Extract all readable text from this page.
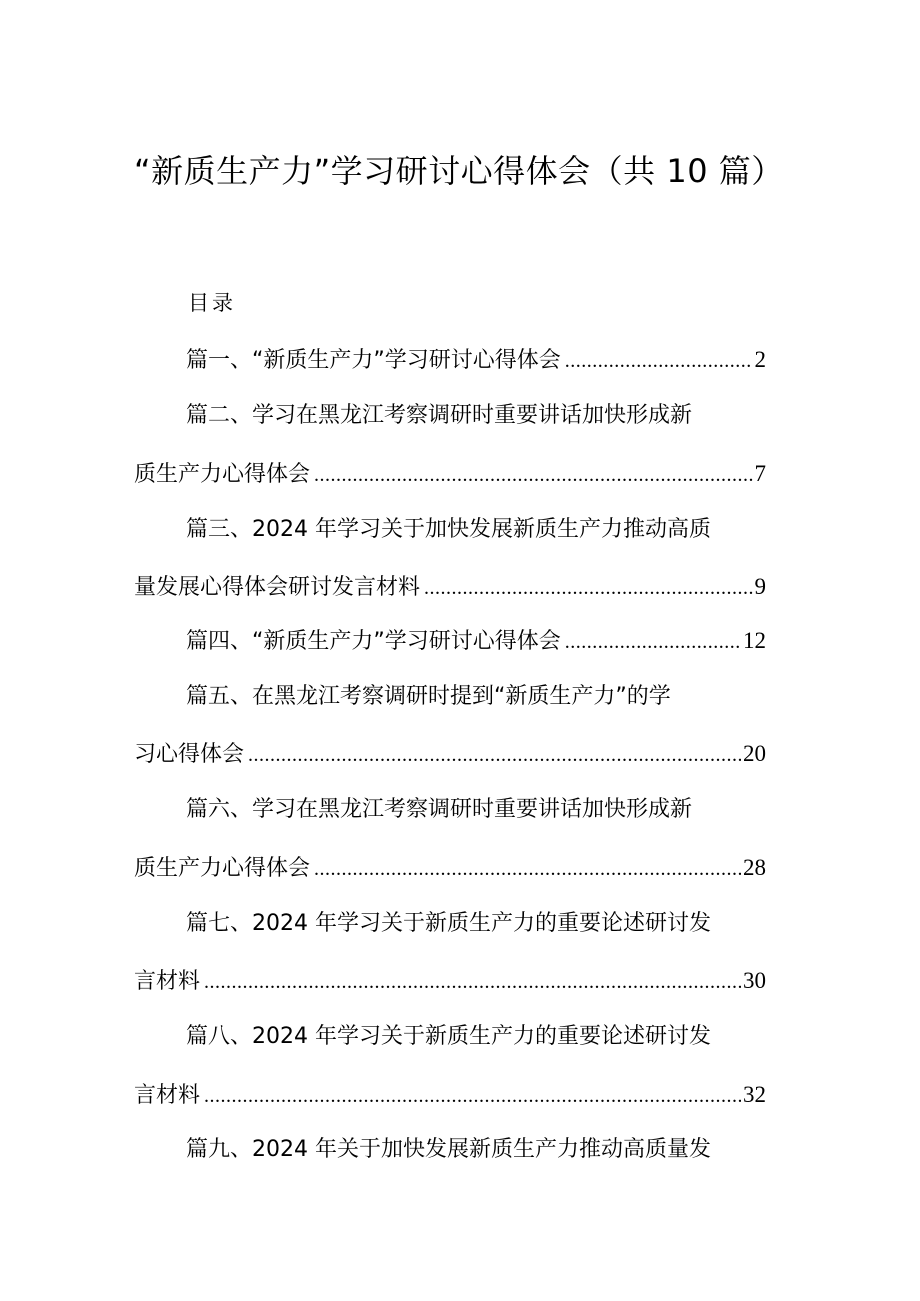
“新质生产力”学习研讨心得体会（共 10 篇）
目录
篇一、“新质生产力”学习研讨心得体会 .....	2
篇二、学习在黑龙江考察调研时重要讲话加快形成新
质生产力心得体会 .....	7
篇三、2024 年学习关于加快发展新质生产力推动高质
量发展心得体会研讨发言材料 .....	9
篇四、“新质生产力”学习研讨心得体会 .....	12
篇五、在黑龙江考察调研时提到“新质生产力”的学
习心得体会 .....	20
篇六、学习在黑龙江考察调研时重要讲话加快形成新
质生产力心得体会 .....	28
篇七、2024 年学习关于新质生产力的重要论述研讨发
言材料 .....	30
篇八、2024 年学习关于新质生产力的重要论述研讨发
言材料 .....	32
篇九、2024 年关于加快发展新质生产力推动高质量发
